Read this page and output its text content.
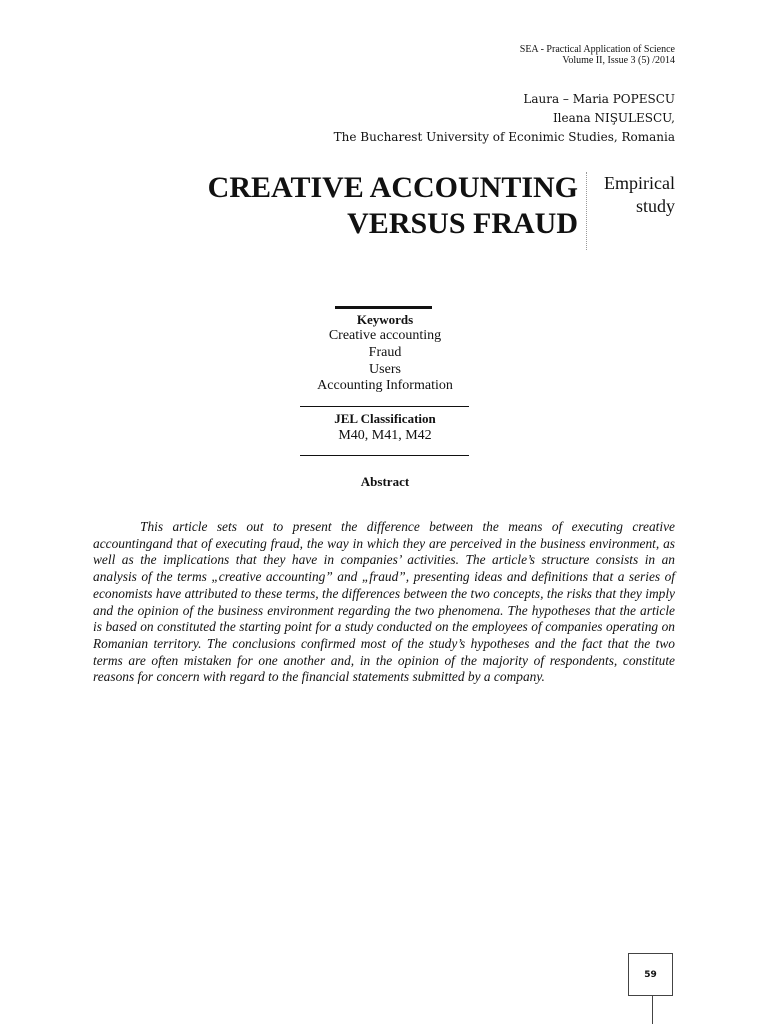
SEA - Practical Application of Science
Volume II, Issue 3 (5) /2014
Laura – Maria POPESCU
Ileana NIŞULESCU,
The Bucharest University of Econimic Studies, Romania
CREATIVE ACCOUNTING
VERSUS FRAUD
Empirical
study
Keywords
Creative accounting
Fraud
Users
Accounting Information
JEL Classification
M40, M41, M42
Abstract

This article sets out to present the difference between the means of executing creative accountingand that of executing fraud, the way in which they are perceived in the business environment, as well as the implications that they have in companies’ activities. The article’s structure consists in an analysis of the terms „creative accounting” and „fraud”, presenting ideas and definitions that a series of economists have attributed to these terms, the differences between the two concepts, the risks that they imply and the opinion of the business environment regarding the two phenomena. The hypotheses that the article is based on constituted the starting point for a study conducted on the employees of companies operating on Romanian territory. The conclusions confirmed most of the study’s hypotheses and the fact that the two terms are often mistaken for one another and, in the opinion of the majority of respondents, constitute reasons for concern with regard to the financial statements submitted by a company.

59
